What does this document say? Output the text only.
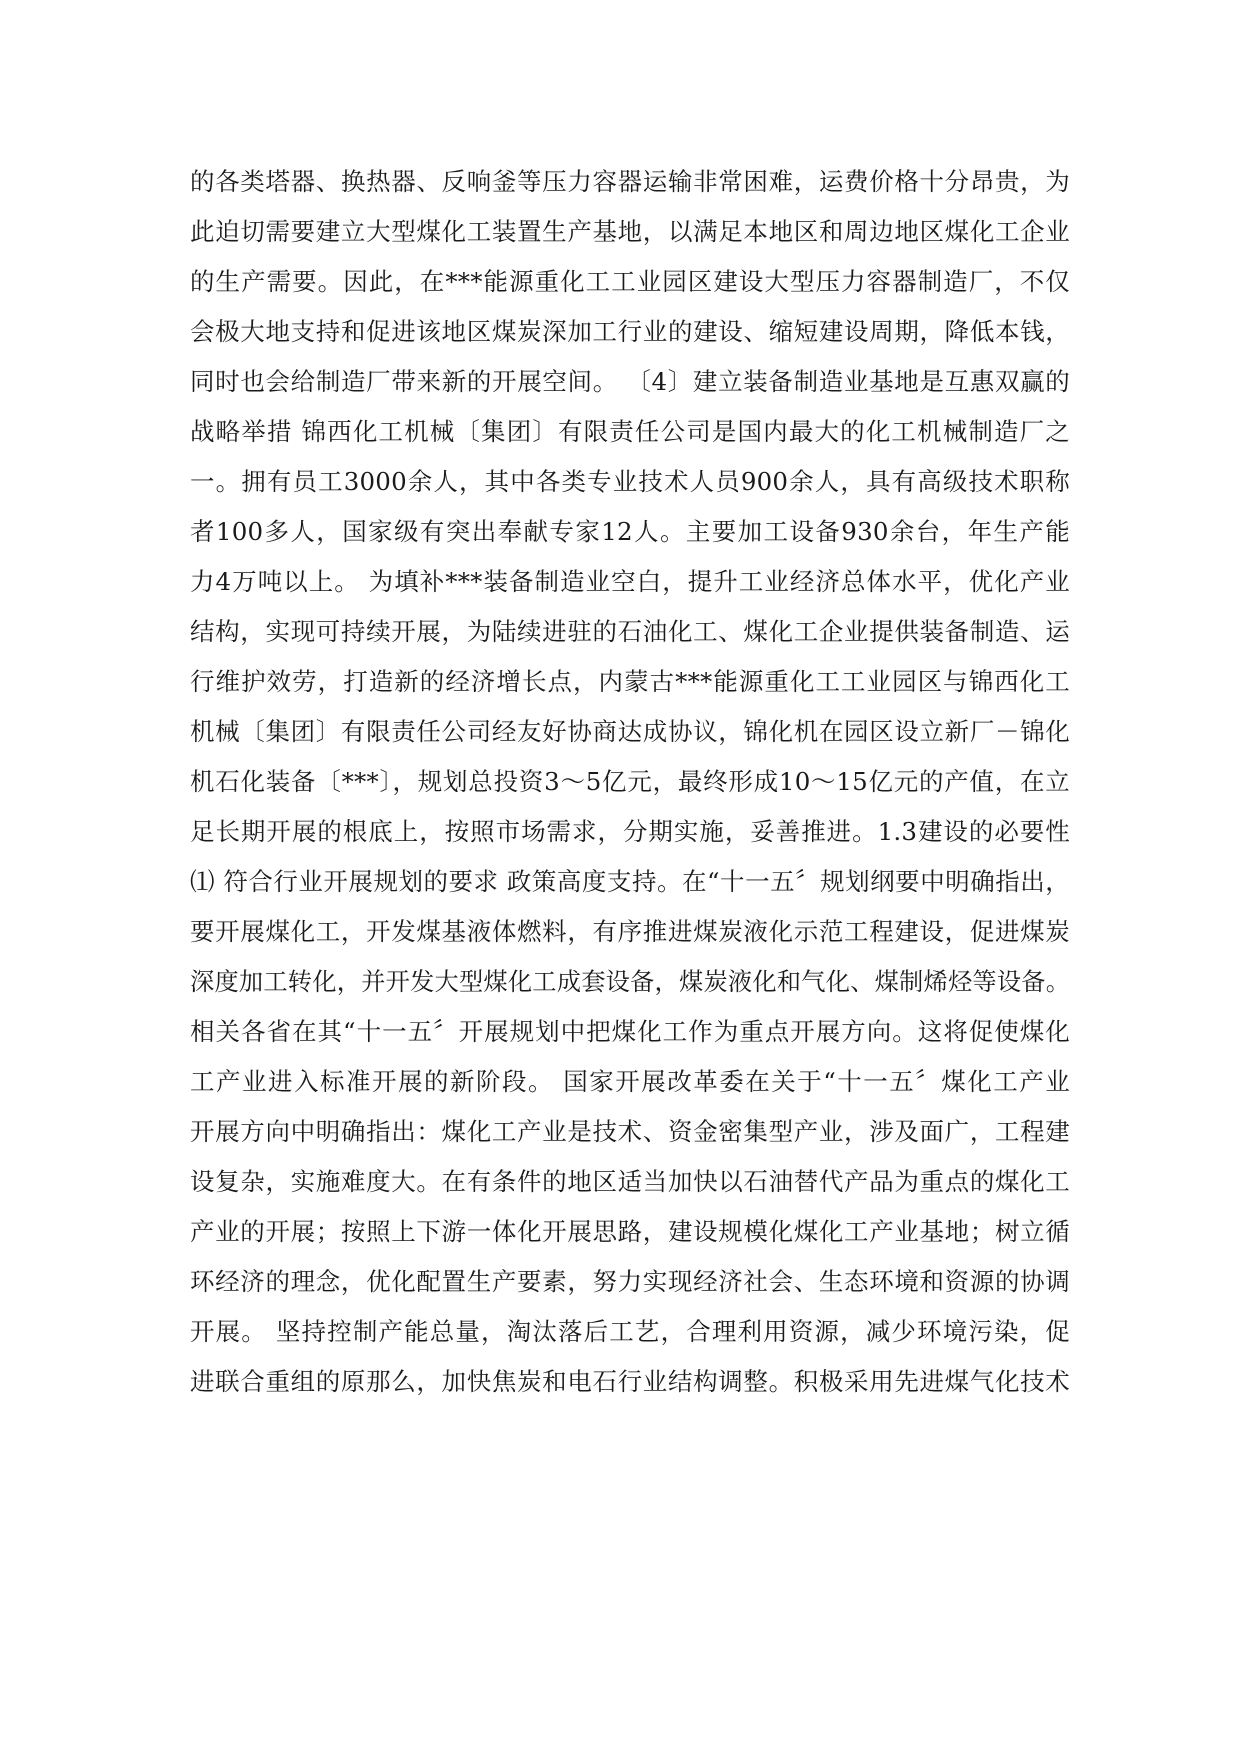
的各类塔器、换热器、反响釜等压力容器运输非常困难，运费价格十分昂贵，为
此迫切需要建立大型煤化工装置生产基地，以满足本地区和周边地区煤化工企业
的生产需要。因此，在***能源重化工工业园区建设大型压力容器制造厂，不仅
会极大地支持和促进该地区煤炭深加工行业的建设、缩短建设周期，降低本钱，
同时也会给制造厂带来新的开展空间。 〔4〕建立装备制造业基地是互惠双赢的
战略举措 锦西化工机械〔集团〕有限责任公司是国内最大的化工机械制造厂之
一。拥有员工3000余人，其中各类专业技术人员900余人，具有高级技术职称
者100多人，国家级有突出奉献专家12人。主要加工设备930余台，年生产能
力4万吨以上。 为填补***装备制造业空白，提升工业经济总体水平，优化产业
结构，实现可持续开展，为陆续进驻的石油化工、煤化工企业提供装备制造、运
行维护效劳，打造新的经济增长点，内蒙古***能源重化工工业园区与锦西化工
机械〔集团〕有限责任公司经友好协商达成协议，锦化机在园区设立新厂－锦化
机石化装备〔***〕，规划总投资3～5亿元，最终形成10～15亿元的产值，在立
足长期开展的根底上，按照市场需求，分期实施，妥善推进。1.3建设的必要性
⑴ 符合行业开展规划的要求 政策高度支持。在“十一五〞规划纲要中明确指出，
要开展煤化工，开发煤基液体燃料，有序推进煤炭液化示范工程建设，促进煤炭
深度加工转化，并开发大型煤化工成套设备，煤炭液化和气化、煤制烯烃等设备。
相关各省在其“十一五〞开展规划中把煤化工作为重点开展方向。这将促使煤化
工产业进入标准开展的新阶段。 国家开展改革委在关于“十一五〞煤化工产业
开展方向中明确指出：煤化工产业是技术、资金密集型产业，涉及面广，工程建
设复杂，实施难度大。在有条件的地区适当加快以石油替代产品为重点的煤化工
产业的开展；按照上下游一体化开展思路，建设规模化煤化工产业基地；树立循
环经济的理念，优化配置生产要素，努力实现经济社会、生态环境和资源的协调
开展。 坚持控制产能总量，淘汰落后工艺，合理利用资源，减少环境污染，促
进联合重组的原那么，加快焦炭和电石行业结构调整。积极采用先进煤气化技术
